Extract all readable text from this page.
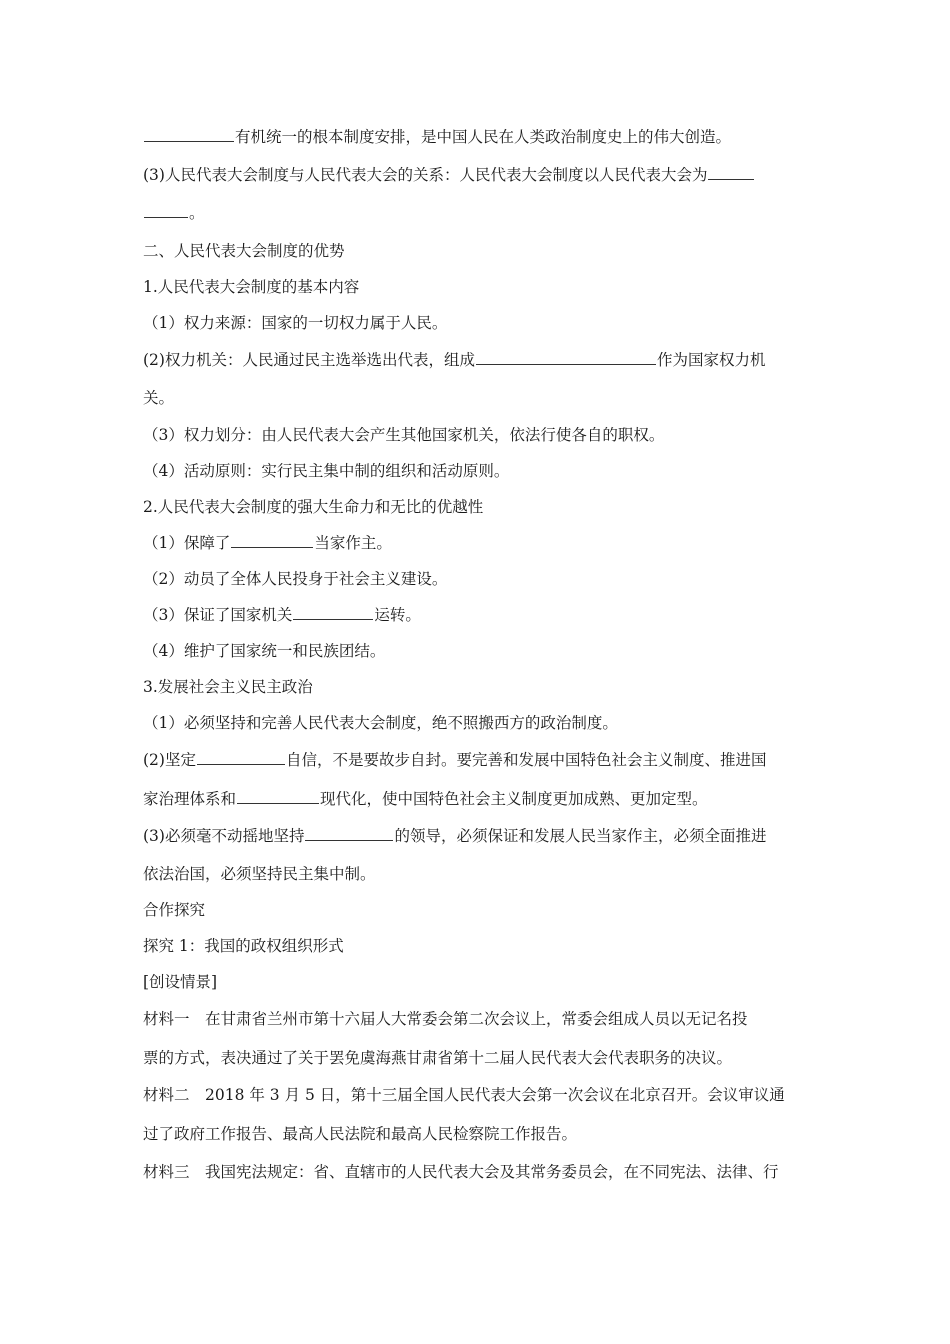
有机统一的根本制度安排，是中国人民在人类政治制度史上的伟大创造。
(3)人民代表大会制度与人民代表大会的关系：人民代表大会制度以人民代表大会为
。
二、人民代表大会制度的优势
1.人民代表大会制度的基本内容
（1）权力来源：国家的一切权力属于人民。
(2)权力机关：人民通过民主选举选出代表，组成	作为国家权力机
关。
（3）权力划分：由人民代表大会产生其他国家机关，依法行使各自的职权。
（4）活动原则：实行民主集中制的组织和活动原则。
2.人民代表大会制度的强大生命力和无比的优越性
（1）保障了	当家作主。
（2）动员了全体人民投身于社会主义建设。
（3）保证了国家机关	运转。
（4）维护了国家统一和民族团结。
3.发展社会主义民主政治
（1）必须坚持和完善人民代表大会制度，绝不照搬西方的政治制度。
(2)坚定	自信，不是要故步自封。要完善和发展中国特色社会主义制度、推进国
家治理体系和	现代化，使中国特色社会主义制度更加成熟、更加定型。
(3)必须毫不动摇地坚持	的领导，必须保证和发展人民当家作主，必须全面推进
依法治国，必须坚持民主集中制。
合作探究
探究 1：我国的政权组织形式
[创设情景]
材料一　在甘肃省兰州市第十六届人大常委会第二次会议上，常委会组成人员以无记名投
票的方式，表决通过了关于罢免虞海燕甘肃省第十二届人民代表大会代表职务的决议。
材料二　2018 年 3 月 5 日，第十三届全国人民代表大会第一次会议在北京召开。会议审议通
过了政府工作报告、最高人民法院和最高人民检察院工作报告。
材料三　我国宪法规定：省、直辖市的人民代表大会及其常务委员会，在不同宪法、法律、行
